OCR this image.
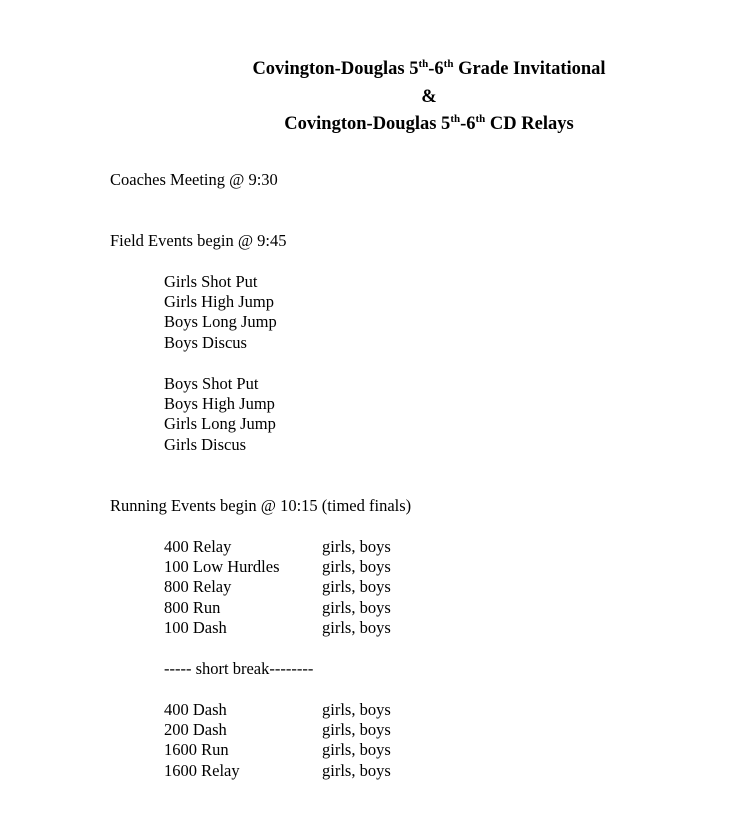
Covington-Douglas 5th-6th Grade Invitational
&
Covington-Douglas 5th-6th CD Relays
Coaches Meeting @ 9:30
Field Events begin @ 9:45
Girls Shot Put
Girls High Jump
Boys Long Jump
Boys Discus
Boys Shot Put
Boys High Jump
Girls Long Jump
Girls Discus
Running Events begin @ 10:15 (timed finals)
400 Relay	girls, boys
100 Low Hurdles	girls, boys
800 Relay	girls, boys
800 Run	girls, boys
100 Dash	girls, boys
----- short break--------
400 Dash	girls, boys
200 Dash	girls, boys
1600 Run	girls, boys
1600 Relay	girls, boys
